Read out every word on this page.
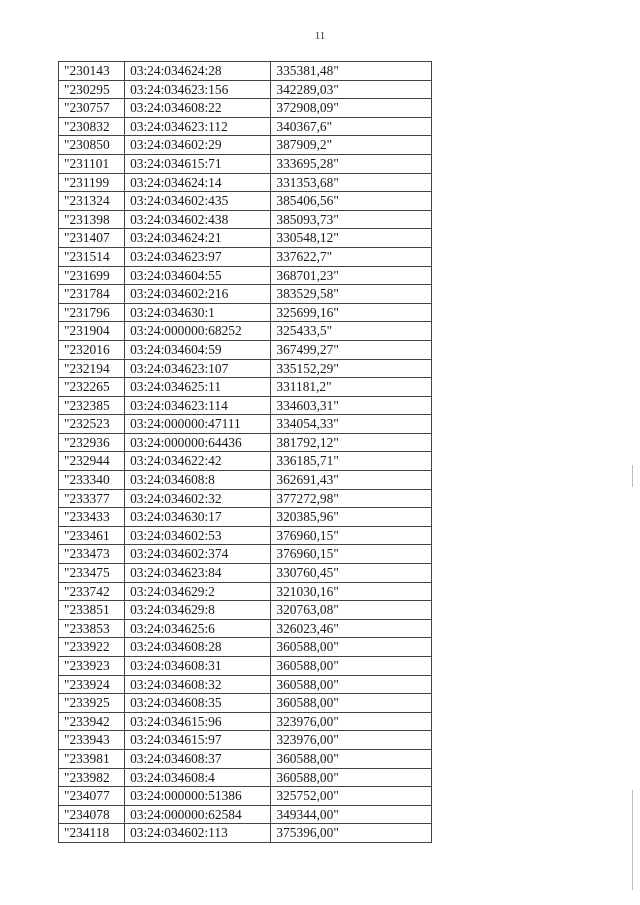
11
"230143	03:24:034624:28	335381,48"
"230295	03:24:034623:156	342289,03"
"230757	03:24:034608:22	372908,09"
"230832	03:24:034623:112	340367,6"
"230850	03:24:034602:29	387909,2"
"231101	03:24:034615:71	333695,28"
"231199	03:24:034624:14	331353,68"
"231324	03:24:034602:435	385406,56"
"231398	03:24:034602:438	385093,73"
"231407	03:24:034624:21	330548,12"
"231514	03:24:034623:97	337622,7"
"231699	03:24:034604:55	368701,23"
"231784	03:24:034602:216	383529,58"
"231796	03:24:034630:1	325699,16"
"231904	03:24:000000:68252	325433,5"
"232016	03:24:034604:59	367499,27"
"232194	03:24:034623:107	335152,29"
"232265	03:24:034625:11	331181,2"
"232385	03:24:034623:114	334603,31"
"232523	03:24:000000:47111	334054,33"
"232936	03:24:000000:64436	381792,12"
"232944	03:24:034622:42	336185,71"
"233340	03:24:034608:8	362691,43"
"233377	03:24:034602:32	377272,98"
"233433	03:24:034630:17	320385,96"
"233461	03:24:034602:53	376960,15"
"233473	03:24:034602:374	376960,15"
"233475	03:24:034623:84	330760,45"
"233742	03:24:034629:2	321030,16"
"233851	03:24:034629:8	320763,08"
"233853	03:24:034625:6	326023,46"
"233922	03:24:034608:28	360588,00"
"233923	03:24:034608:31	360588,00"
"233924	03:24:034608:32	360588,00"
"233925	03:24:034608:35	360588,00"
"233942	03:24:034615:96	323976,00"
"233943	03:24:034615:97	323976,00"
"233981	03:24:034608:37	360588,00"
"233982	03:24:034608:4	360588,00"
"234077	03:24:000000:51386	325752,00"
"234078	03:24:000000:62584	349344,00"
"234118	03:24:034602:113	375396,00"
